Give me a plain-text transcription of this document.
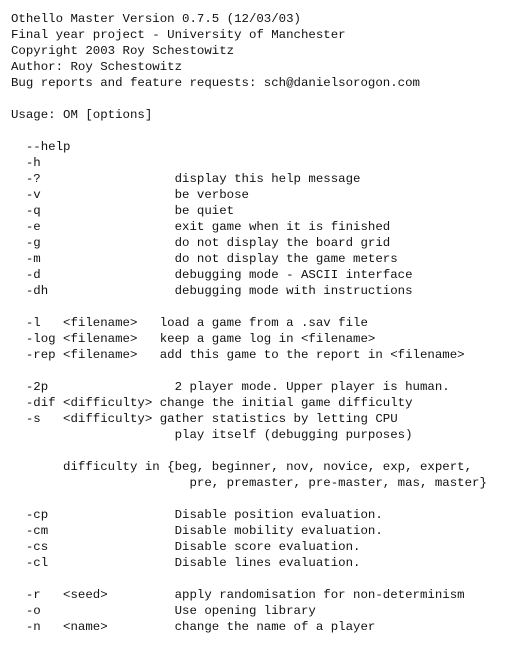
Othello Master Version 0.7.5 (12/03/03)
Final year project - University of Manchester
Copyright 2003 Roy Schestowitz
Author: Roy Schestowitz
Bug reports and feature requests: sch@danielsorogon.com
Usage: OM [options]
--help
-h
-?                  display this help message
-v                  be verbose
-q                  be quiet
-e                  exit game when it is finished
-g                  do not display the board grid
-m                  do not display the game meters
-d                  debugging mode - ASCII interface
-dh                 debugging mode with instructions
-l   <filename>   load a game from a .sav file
-log <filename>   keep a game log in <filename>
-rep <filename>   add this game to the report in <filename>
-2p                 2 player mode. Upper player is human.
-dif <difficulty> change the initial game difficulty
-s   <difficulty> gather statistics by letting CPU
play itself (debugging purposes)
difficulty in {beg, beginner, nov, novice, exp, expert,
pre, premaster, pre-master, mas, master}
-cp                 Disable position evaluation.
-cm                 Disable mobility evaluation.
-cs                 Disable score evaluation.
-cl                 Disable lines evaluation.
-r   <seed>         apply randomisation for non-determinism
-o                  Use opening library
-n   <name>         change the name of a player
